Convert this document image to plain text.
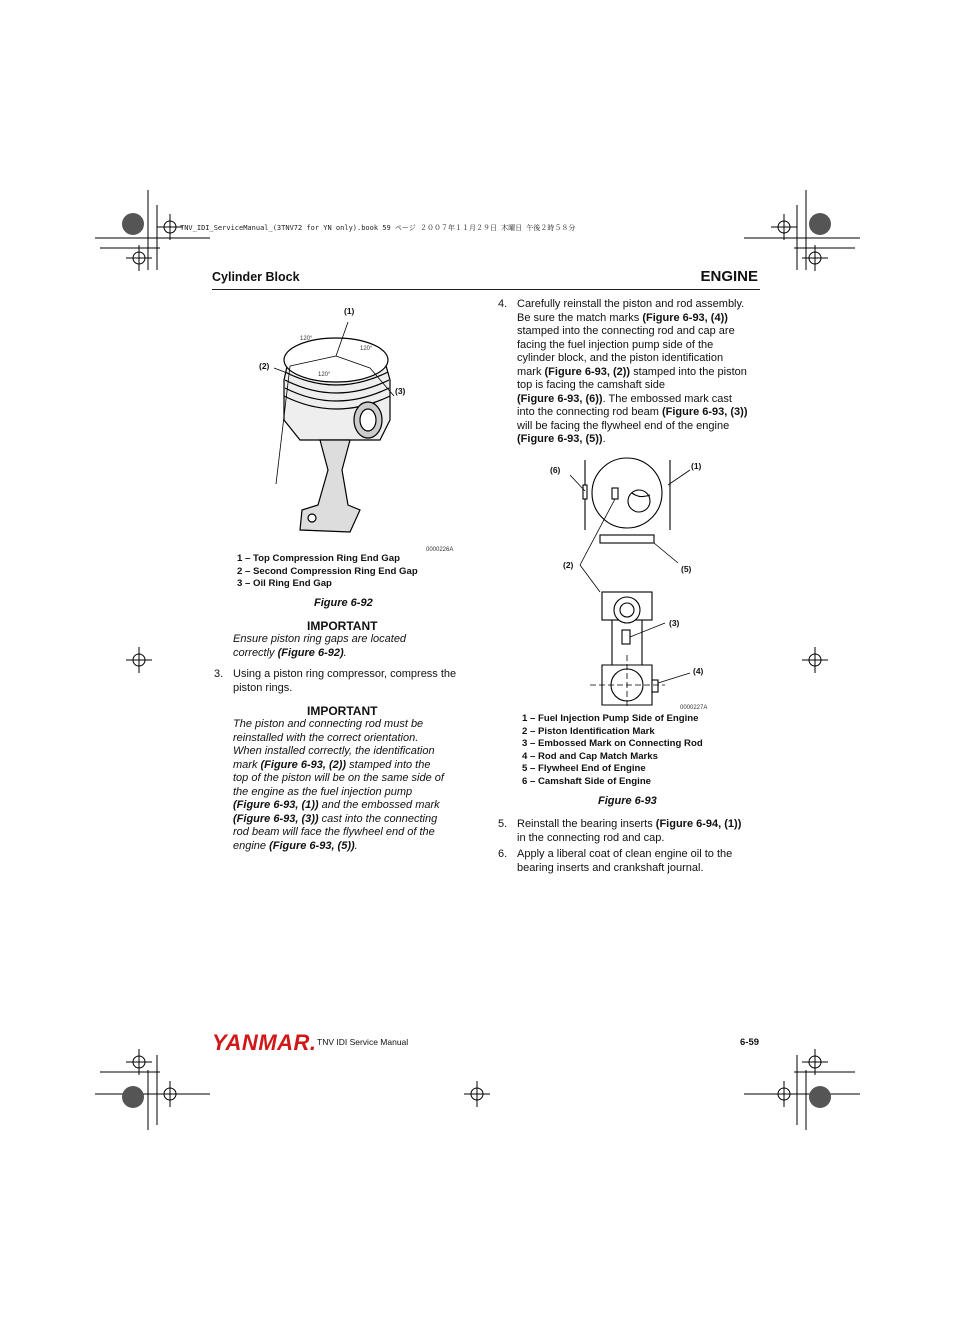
TNV_IDI_ServiceManual_(3TNV72 for YN only).book 59 ページ ２００７年１１月２９日 木曜日 午後２時５８分
Cylinder Block	ENGINE
(1)
(2)
(3)
120°
120°
120°
0000226A
1 – Top Compression Ring End Gap
2 – Second Compression Ring End Gap
3 – Oil Ring End Gap
Figure 6-92
IMPORTANT
Ensure piston ring gaps are located
correctly (Figure 6-92).
3. Using a piston ring compressor, compress the
piston rings.
IMPORTANT
The piston and connecting rod must be
reinstalled with the correct orientation.
When installed correctly, the identification
mark (Figure 6-93, (2)) stamped into the
top of the piston will be on the same side of
the engine as the fuel injection pump
(Figure 6-93, (1)) and the embossed mark
(Figure 6-93, (3)) cast into the connecting
rod beam will face the flywheel end of the
engine (Figure 6-93, (5)).
4. Carefully reinstall the piston and rod assembly.
Be sure the match marks (Figure 6-93, (4))
stamped into the connecting rod and cap are
facing the fuel injection pump side of the
cylinder block, and the piston identification
mark (Figure 6-93, (2)) stamped into the piston
top is facing the camshaft side
(Figure 6-93, (6)). The embossed mark cast
into the connecting rod beam (Figure 6-93, (3))
will be facing the flywheel end of the engine
(Figure 6-93, (5)).
(6)	(1)
(2)	(5)
(3)
(4)
0000227A
1 – Fuel Injection Pump Side of Engine
2 – Piston Identification Mark
3 – Embossed Mark on Connecting Rod
4 – Rod and Cap Match Marks
5 – Flywheel End of Engine
6 – Camshaft Side of Engine
Figure 6-93
5. Reinstall the bearing inserts (Figure 6-94, (1))
in the connecting rod and cap.
6. Apply a liberal coat of clean engine oil to the
bearing inserts and crankshaft journal.
YANMAR. TNV IDI Service Manual	6-59
